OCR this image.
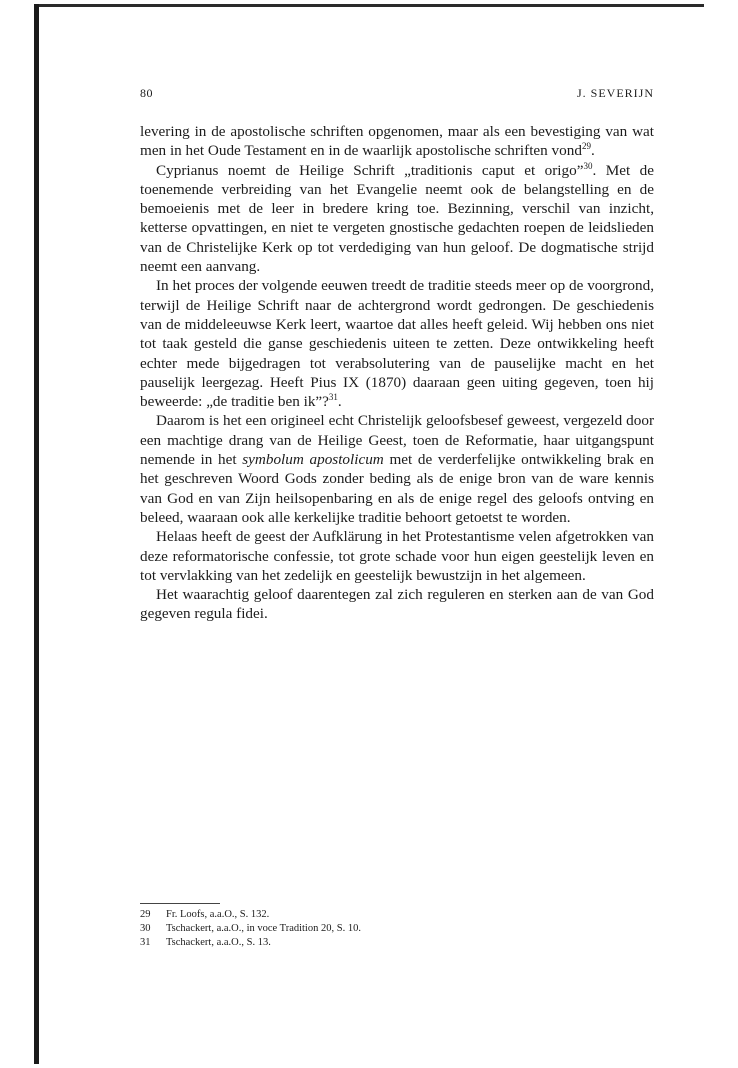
80	J. SEVERIJN

levering in de apostolische schriften opgenomen, maar als een bevestiging van wat men in het Oude Testament en in de waarlijk apostolische schriften vond$^{29}$.

Cyprianus noemt de Heilige Schrift „traditionis caput et origo”$^{30}$. Met de toenemende verbreiding van het Evangelie neemt ook de belangstelling en de bemoeienis met de leer in bredere kring toe. Bezinning, verschil van inzicht, ketterse opvattingen, en niet te vergeten gnostische gedachten roepen de leidslieden van de Christelijke Kerk op tot verdediging van hun geloof. De dogmatische strijd neemt een aanvang.

In het proces der volgende eeuwen treedt de traditie steeds meer op de voorgrond, terwijl de Heilige Schrift naar de achtergrond wordt gedrongen. De geschiedenis van de middeleeuwse Kerk leert, waartoe dat alles heeft geleid. Wij hebben ons niet tot taak gesteld die ganse geschiedenis uiteen te zetten. Deze ontwikkeling heeft echter mede bijgedragen tot verabsolutering van de pauselijke macht en het pauselijk leergezag. Heeft Pius IX (1870) daaraan geen uiting gegeven, toen hij beweerde: „de traditie ben ik”?$^{31}$.

Daarom is het een origineel echt Christelijk geloofsbesef geweest, vergezeld door een machtige drang van de Heilige Geest, toen de Reformatie, haar uitgangspunt nemende in het symbolum apostolicum met de verderfelijke ontwikkeling brak en het geschreven Woord Gods zonder beding als de enige bron van de ware kennis van God en van Zijn heilsopenbaring en als de enige regel des geloofs ontving en beleed, waaraan ook alle kerkelijke traditie behoort getoetst te worden.

Helaas heeft de geest der Aufklärung in het Protestantisme velen afgetrokken van deze reformatorische confessie, tot grote schade voor hun eigen geestelijk leven en tot vervlakking van het zedelijk en geestelijk bewustzijn in het algemeen.

Het waarachtig geloof daarentegen zal zich reguleren en sterken aan de van God gegeven regula fidei.

29	Fr. Loofs, a.a.O., S. 132.
30	Tschackert, a.a.O., in voce Tradition 20, S. 10.
31	Tschackert, a.a.O., S. 13.
